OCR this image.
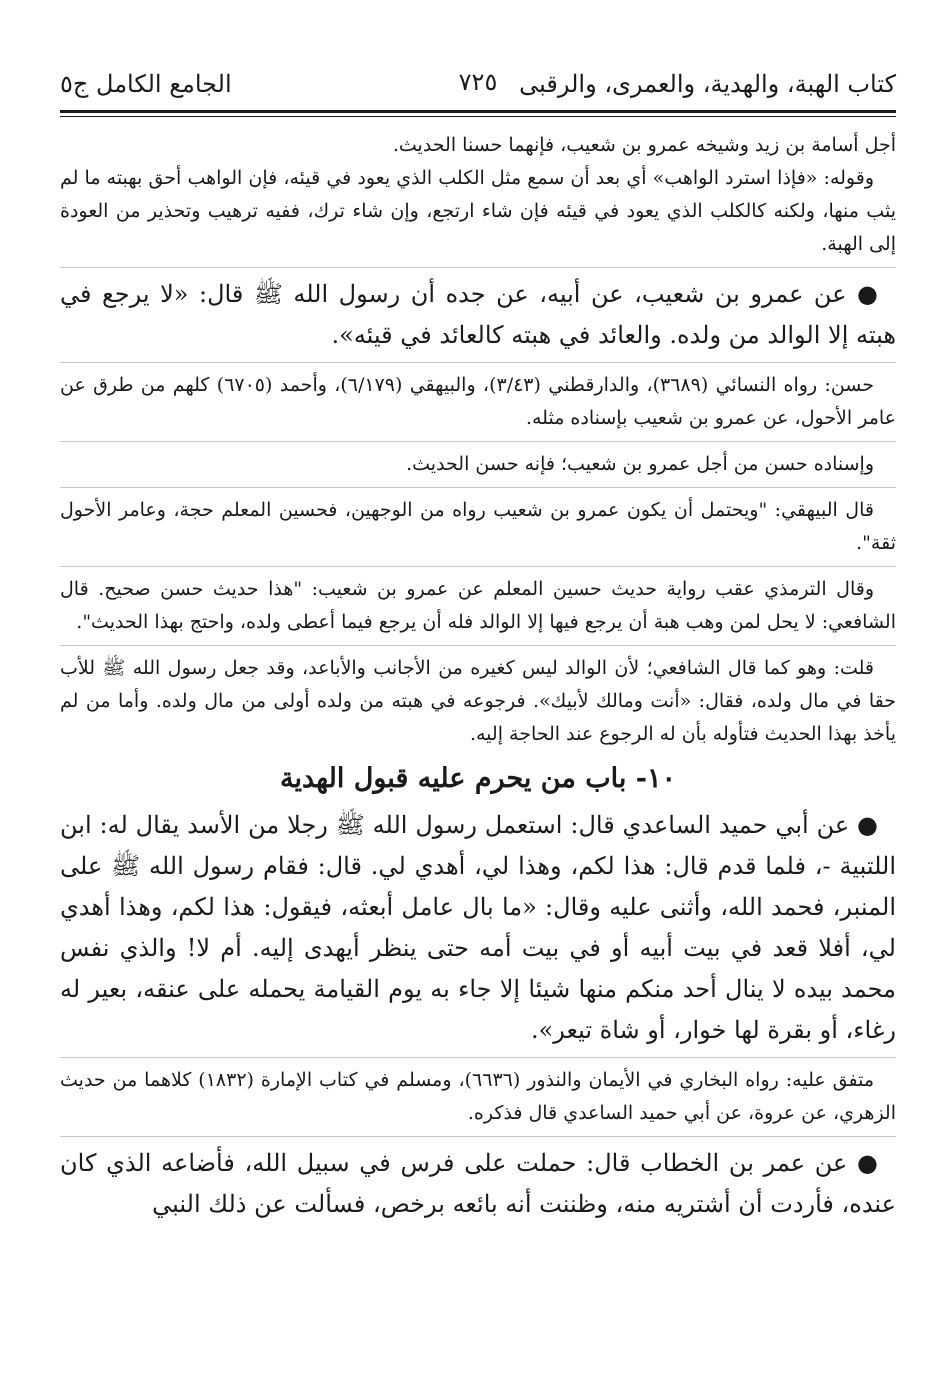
كتاب الهبة، والهدية، والعمرى، والرقبى
٧٢٥
الجامع الكامل ج٥

أجل أسامة بن زيد وشيخه عمرو بن شعيب، فإنهما حسنا الحديث.

وقوله: «فإذا استرد الواهب» أي بعد أن سمع مثل الكلب الذي يعود في قيئه، فإن الواهب أحق بهبته ما لم يثب منها، ولكنه كالكلب الذي يعود في قيئه فإن شاء ارتجع، وإن شاء ترك، ففيه ترهيب وتحذير من العودة إلى الهبة.

● عن عمرو بن شعيب، عن أبيه، عن جده أن رسول الله ﷺ قال: «لا يرجع في هبته إلا الوالد من ولده. والعائد في هبته كالعائد في قيئه».

حسن: رواه النسائي (٣٦٨٩)، والدارقطني (٣/٤٣)، والبيهقي (٦/١٧٩)، وأحمد (٦٧٠٥) كلهم من طرق عن عامر الأحول، عن عمرو بن شعيب بإسناده مثله.

وإسناده حسن من أجل عمرو بن شعيب؛ فإنه حسن الحديث.

قال البيهقي: "ويحتمل أن يكون عمرو بن شعيب رواه من الوجهين، فحسين المعلم حجة، وعامر الأحول ثقة".

وقال الترمذي عقب رواية حديث حسين المعلم عن عمرو بن شعيب: "هذا حديث حسن صحيح. قال الشافعي: لا يحل لمن وهب هبة أن يرجع فيها إلا الوالد فله أن يرجع فيما أعطى ولده، واحتج بهذا الحديث".

قلت: وهو كما قال الشافعي؛ لأن الوالد ليس كغيره من الأجانب والأباعد، وقد جعل رسول الله ﷺ للأب حقا في مال ولده، فقال: «أنت ومالك لأبيك». فرجوعه في هبته من ولده أولى من مال ولده. وأما من لم يأخذ بهذا الحديث فتأوله بأن له الرجوع عند الحاجة إليه.

١٠- باب من يحرم عليه قبول الهدية

● عن أبي حميد الساعدي قال: استعمل رسول الله ﷺ رجلا من الأسد يقال له: ابن اللتبية -، فلما قدم قال: هذا لكم، وهذا لي، أهدي لي. قال: فقام رسول الله ﷺ على المنبر، فحمد الله، وأثنى عليه وقال: «ما بال عامل أبعثه، فيقول: هذا لكم، وهذا أهدي لي، أفلا قعد في بيت أبيه أو في بيت أمه حتى ينظر أيهدى إليه. أم لا! والذي نفس محمد بيده لا ينال أحد منكم منها شيئا إلا جاء به يوم القيامة يحمله على عنقه، بعير له رغاء، أو بقرة لها خوار، أو شاة تيعر».

متفق عليه: رواه البخاري في الأيمان والنذور (٦٦٣٦)، ومسلم في كتاب الإمارة (١٨٣٢) كلاهما من حديث الزهري، عن عروة، عن أبي حميد الساعدي قال فذكره.

● عن عمر بن الخطاب قال: حملت على فرس في سبيل الله، فأضاعه الذي كان عنده، فأردت أن أشتريه منه، وظننت أنه بائعه برخص، فسألت عن ذلك النبي
